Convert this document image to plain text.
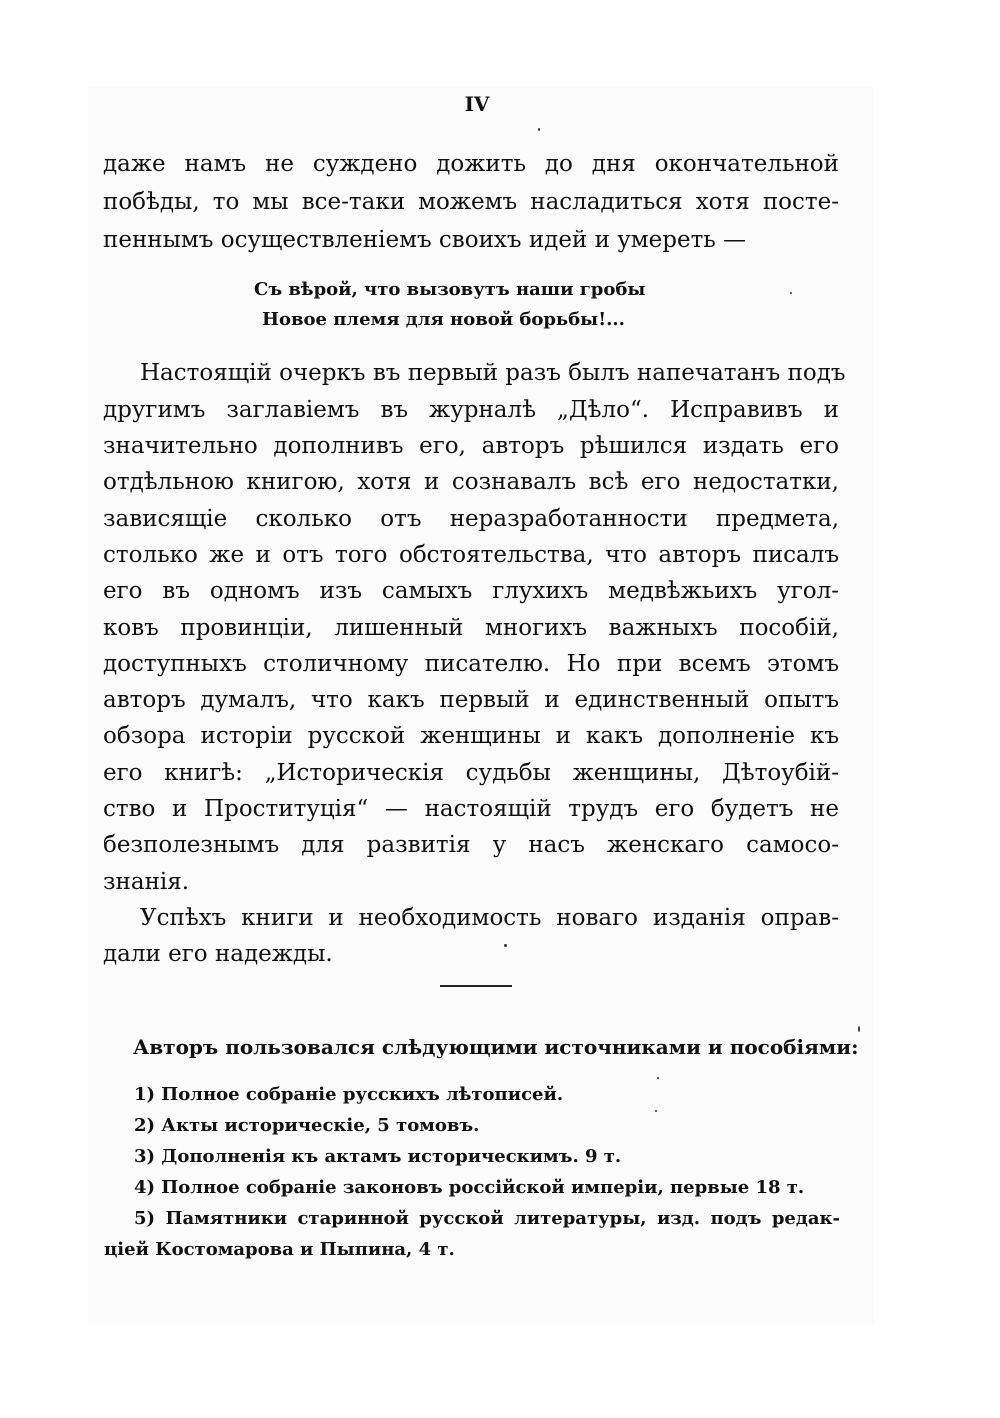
IV
даже намъ не суждено дожить до дня окончательной
побѣды, то мы все-таки можемъ насладиться хотя посте-
пеннымъ осуществленіемъ своихъ идей и умереть —
Съ вѣрой, что вызовутъ наши гробы
Новое племя для новой борьбы!...
Настоящій очеркъ въ первый разъ былъ напечатанъ подъ
другимъ заглавіемъ въ журналѣ „Дѣло“. Исправивъ и
значительно дополнивъ его, авторъ рѣшился издать его
отдѣльною книгою, хотя и сознавалъ всѣ его недостатки,
зависящіе сколько отъ неразработанности предмета,
столько же и отъ того обстоятельства, что авторъ писалъ
его въ одномъ изъ самыхъ глухихъ медвѣжьихъ угол-
ковъ провинціи, лишенный многихъ важныхъ пособій,
доступныхъ столичному писателю. Но при всемъ этомъ
авторъ думалъ, что какъ первый и единственный опытъ
обзора исторіи русской женщины и какъ дополненіе къ
его книгѣ: „Историческія судьбы женщины, Дѣтоубій-
ство и Проституція“ — настоящій трудъ его будетъ не
безполезнымъ для развитія у насъ женскаго самосо-
знанія.
Успѣхъ книги и необходимость новаго изданія оправ-
дали его надежды.
Авторъ пользовался слѣдующими источниками и пособіями:
1) Полное собраніе русскихъ лѣтописей.
2) Акты историческіе, 5 томовъ.
3) Дополненія къ актамъ историческимъ. 9 т.
4) Полное собраніе законовъ россійской имперіи, первые 18 т.
5) Памятники старинной русской литературы, изд. подъ редак-
ціей Костомарова и Пыпина, 4 т.
